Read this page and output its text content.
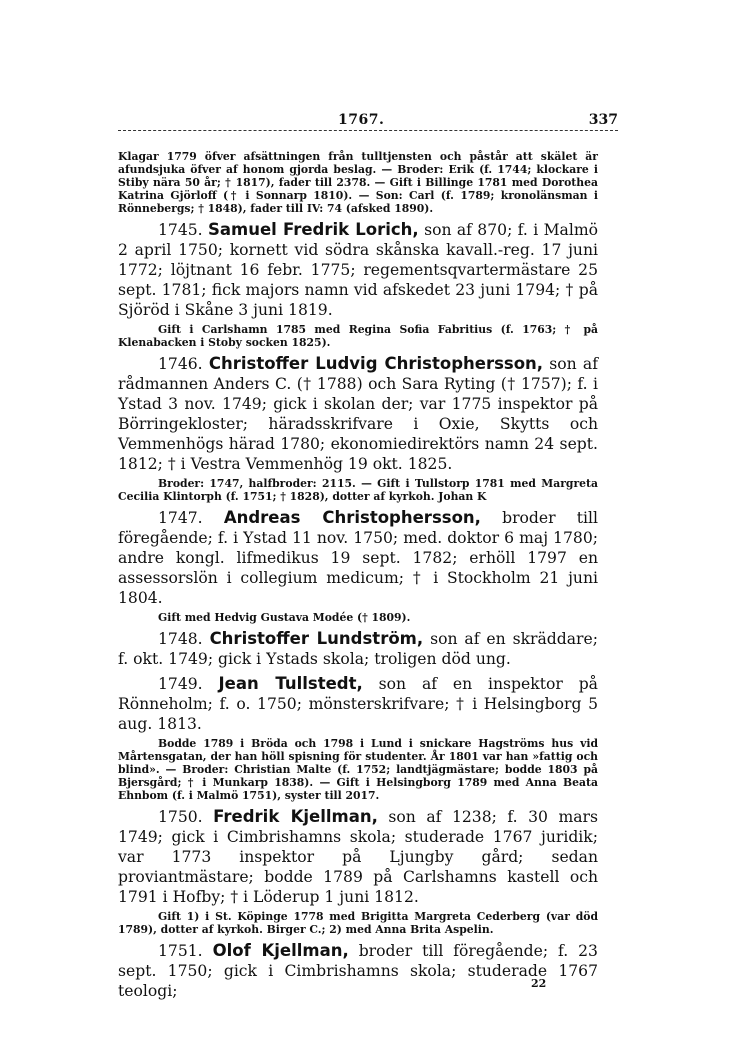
1767.	337

Klagar 1779 öfver afsättningen från tulltjensten och påstår att skälet är afundsjuka öfver af honom gjorda beslag. — Broder: Erik (f. 1744; klockare i Stiby nära 50 år; † 1817), fader till 2378. — Gift i Billinge 1781 med Dorothea Katrina Gjörloff († i Sonnarp 1810). — Son: Carl (f. 1789; kronolänsman i Rönnebergs; † 1848), fader till IV: 74 (afsked 1890).

1745. Samuel Fredrik Lorich, son af 870; f. i Malmö 2 april 1750; kornett vid södra skånska kavall.-reg. 17 juni 1772; löjtnant 16 febr. 1775; regementsqvartermästare 25 sept. 1781; fick majors namn vid afskedet 23 juni 1794; † på Sjöröd i Skåne 3 juni 1819.

Gift i Carlshamn 1785 med Regina Sofia Fabritius (f. 1763; † på Klenabacken i Stoby socken 1825).

1746. Christoffer Ludvig Christophersson, son af rådmannen Anders C. († 1788) och Sara Ryting († 1757); f. i Ystad 3 nov. 1749; gick i skolan der; var 1775 inspektor på Börringekloster; häradsskrifvare i Oxie, Skytts och Vemmenhögs härad 1780; ekonomiedirektörs namn 24 sept. 1812; † i Vestra Vemmenhög 19 okt. 1825.

Broder: 1747, halfbroder: 2115. — Gift i Tullstorp 1781 med Margreta Cecilia Klintorph (f. 1751; † 1828), dotter af kyrkoh. Johan K

1747. Andreas Christophersson, broder till föregående; f. i Ystad 11 nov. 1750; med. doktor 6 maj 1780; andre kongl. lifmedikus 19 sept. 1782; erhöll 1797 en assessorslön i collegium medicum; † i Stockholm 21 juni 1804.

Gift med Hedvig Gustava Modée († 1809).

1748. Christoffer Lundström, son af en skräddare; f. okt. 1749; gick i Ystads skola; troligen död ung.

1749. Jean Tullstedt, son af en inspektor på Rönneholm; f. o. 1750; mönsterskrifvare; † i Helsingborg 5 aug. 1813.

Bodde 1789 i Bröda och 1798 i Lund i snickare Hagströms hus vid Mårtensgatan, der han höll spisning för studenter. År 1801 var han »fattig och blind». — Broder: Christian Malte (f. 1752; landtjägmästare; bodde 1803 på Bjersgård; † i Munkarp 1838). — Gift i Helsingborg 1789 med Anna Beata Ehnbom (f. i Malmö 1751), syster till 2017.

1750. Fredrik Kjellman, son af 1238; f. 30 mars 1749; gick i Cimbrishamns skola; studerade 1767 juridik; var 1773 inspektor på Ljungby gård; sedan proviantmästare; bodde 1789 på Carlshamns kastell och 1791 i Hofby; † i Löderup 1 juni 1812.

Gift 1) i St. Köpinge 1778 med Brigitta Margreta Cederberg (var död 1789), dotter af kyrkoh. Birger C.; 2) med Anna Brita Aspelin.

1751. Olof Kjellman, broder till föregående; f. 23 sept. 1750; gick i Cimbrishamns skola; studerade 1767 teologi;	22
